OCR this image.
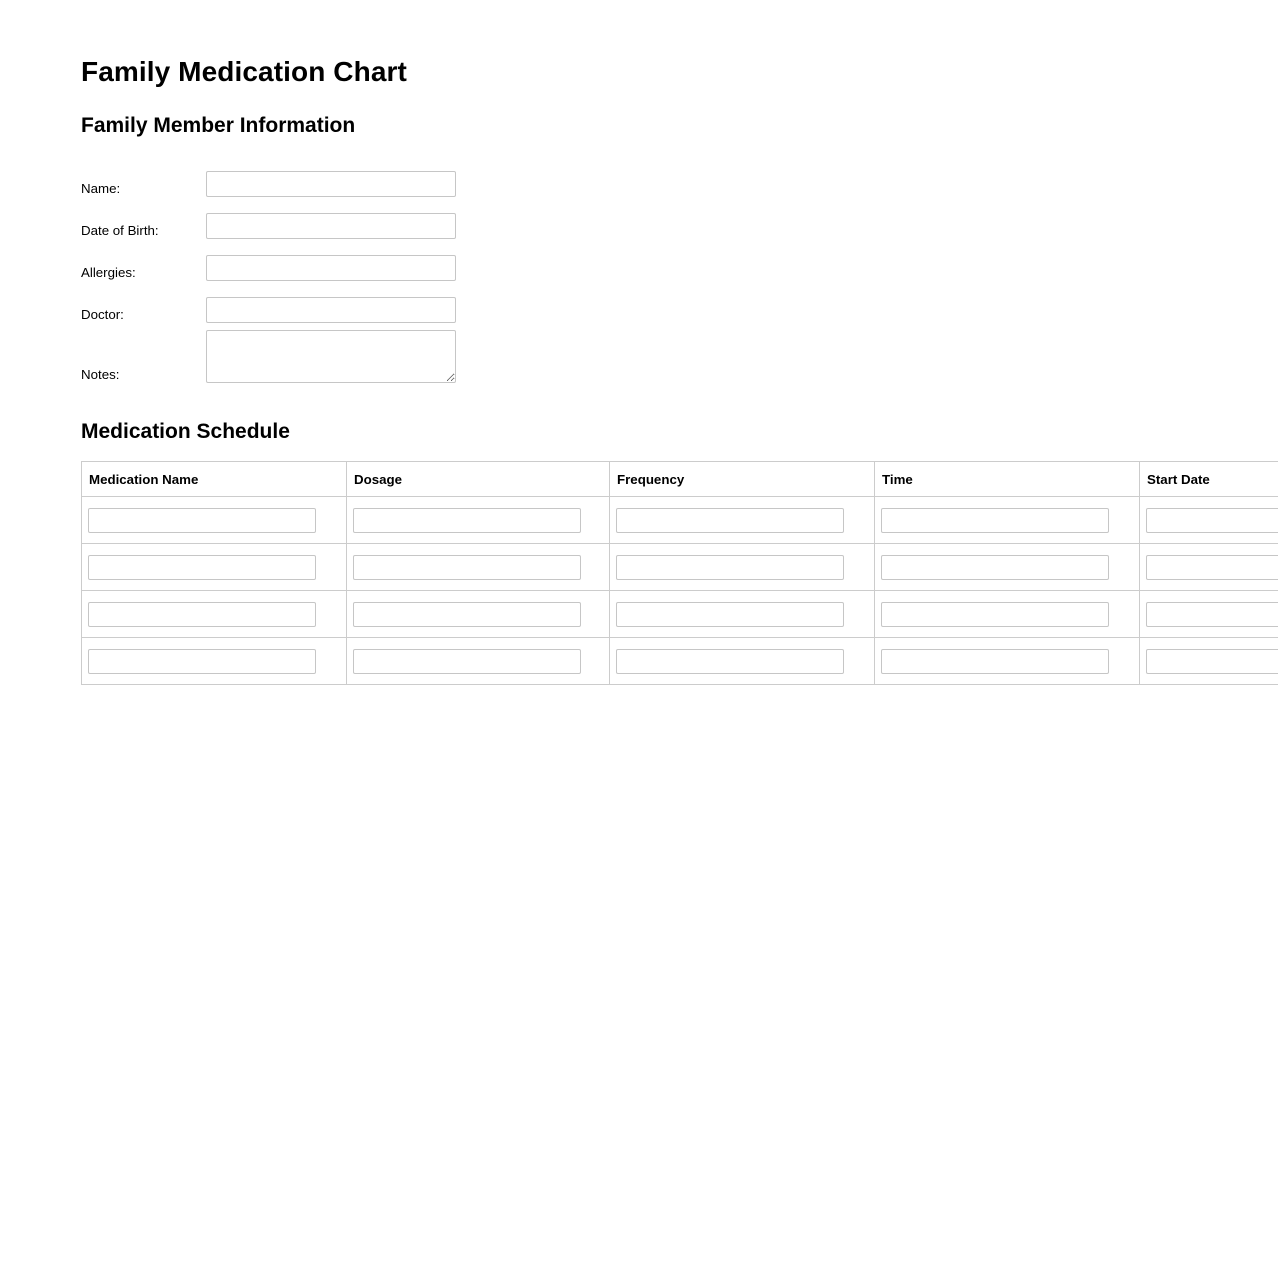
Family Medication Chart
Family Member Information
Name:	

Date of Birth:	

Allergies:	

Doctor:	

Notes:	
Medication Schedule
Medication Name	Dosage	Frequency	Time	Start Date
